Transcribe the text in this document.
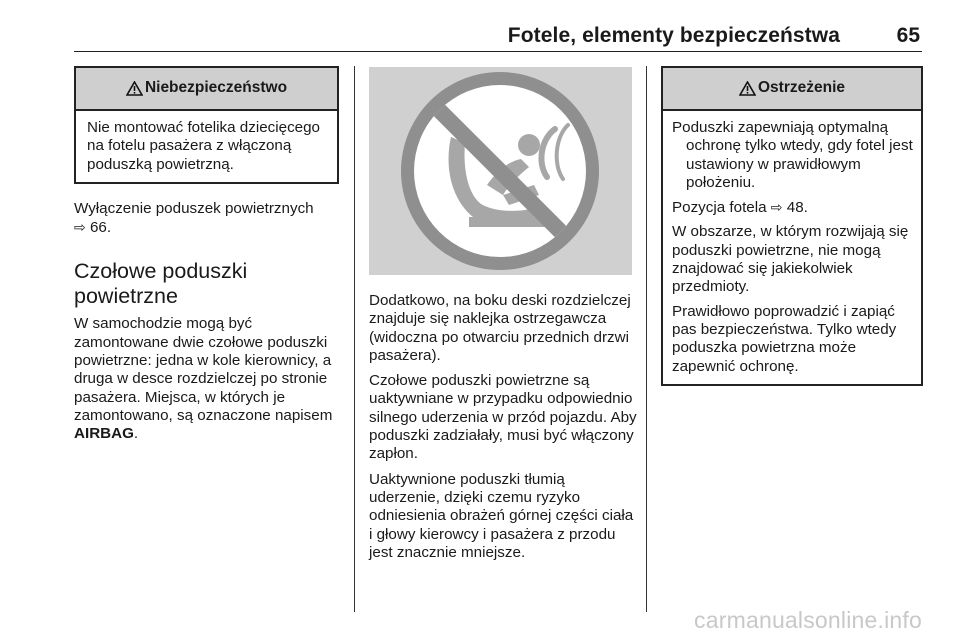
Fotele, elementy bezpieczeństwa	65
Niebezpieczeństwo

Nie montować fotelika dziecięcego na fotelu pasażera z włączoną poduszką powietrzną.

Wyłączenie poduszek powietrznych
⇨ 66.

Czołowe poduszki powietrzne

W samochodzie mogą być zamontowane dwie czołowe poduszki powietrzne: jedna w kole kierownicy, a druga w desce rozdzielczej po stronie pasażera. Miejsca, w których je zamontowano, są oznaczone napisem AIRBAG.

Dodatkowo, na boku deski rozdzielczej znajduje się naklejka ostrzegawcza (widoczna po otwarciu przednich drzwi pasażera).

Czołowe poduszki powietrzne są uaktywniane w przypadku odpowiednio silnego uderzenia w przód pojazdu. Aby poduszki zadziałały, musi być włączony zapłon.

Uaktywnione poduszki tłumią uderzenie, dzięki czemu ryzyko odniesienia obrażeń górnej części ciała i głowy kierowcy i pasażera z przodu jest znacznie mniejsze.

Ostrzeżenie

Poduszki zapewniają optymalną ochronę tylko wtedy, gdy fotel jest ustawiony w prawidłowym położeniu.

Pozycja fotela ⇨ 48.

W obszarze, w którym rozwijają się poduszki powietrzne, nie mogą znajdować się jakiekolwiek przedmioty.

Prawidłowo poprowadzić i zapiąć pas bezpieczeństwa. Tylko wtedy poduszka powietrzna może zapewnić ochronę.

carmanualsonline.info
